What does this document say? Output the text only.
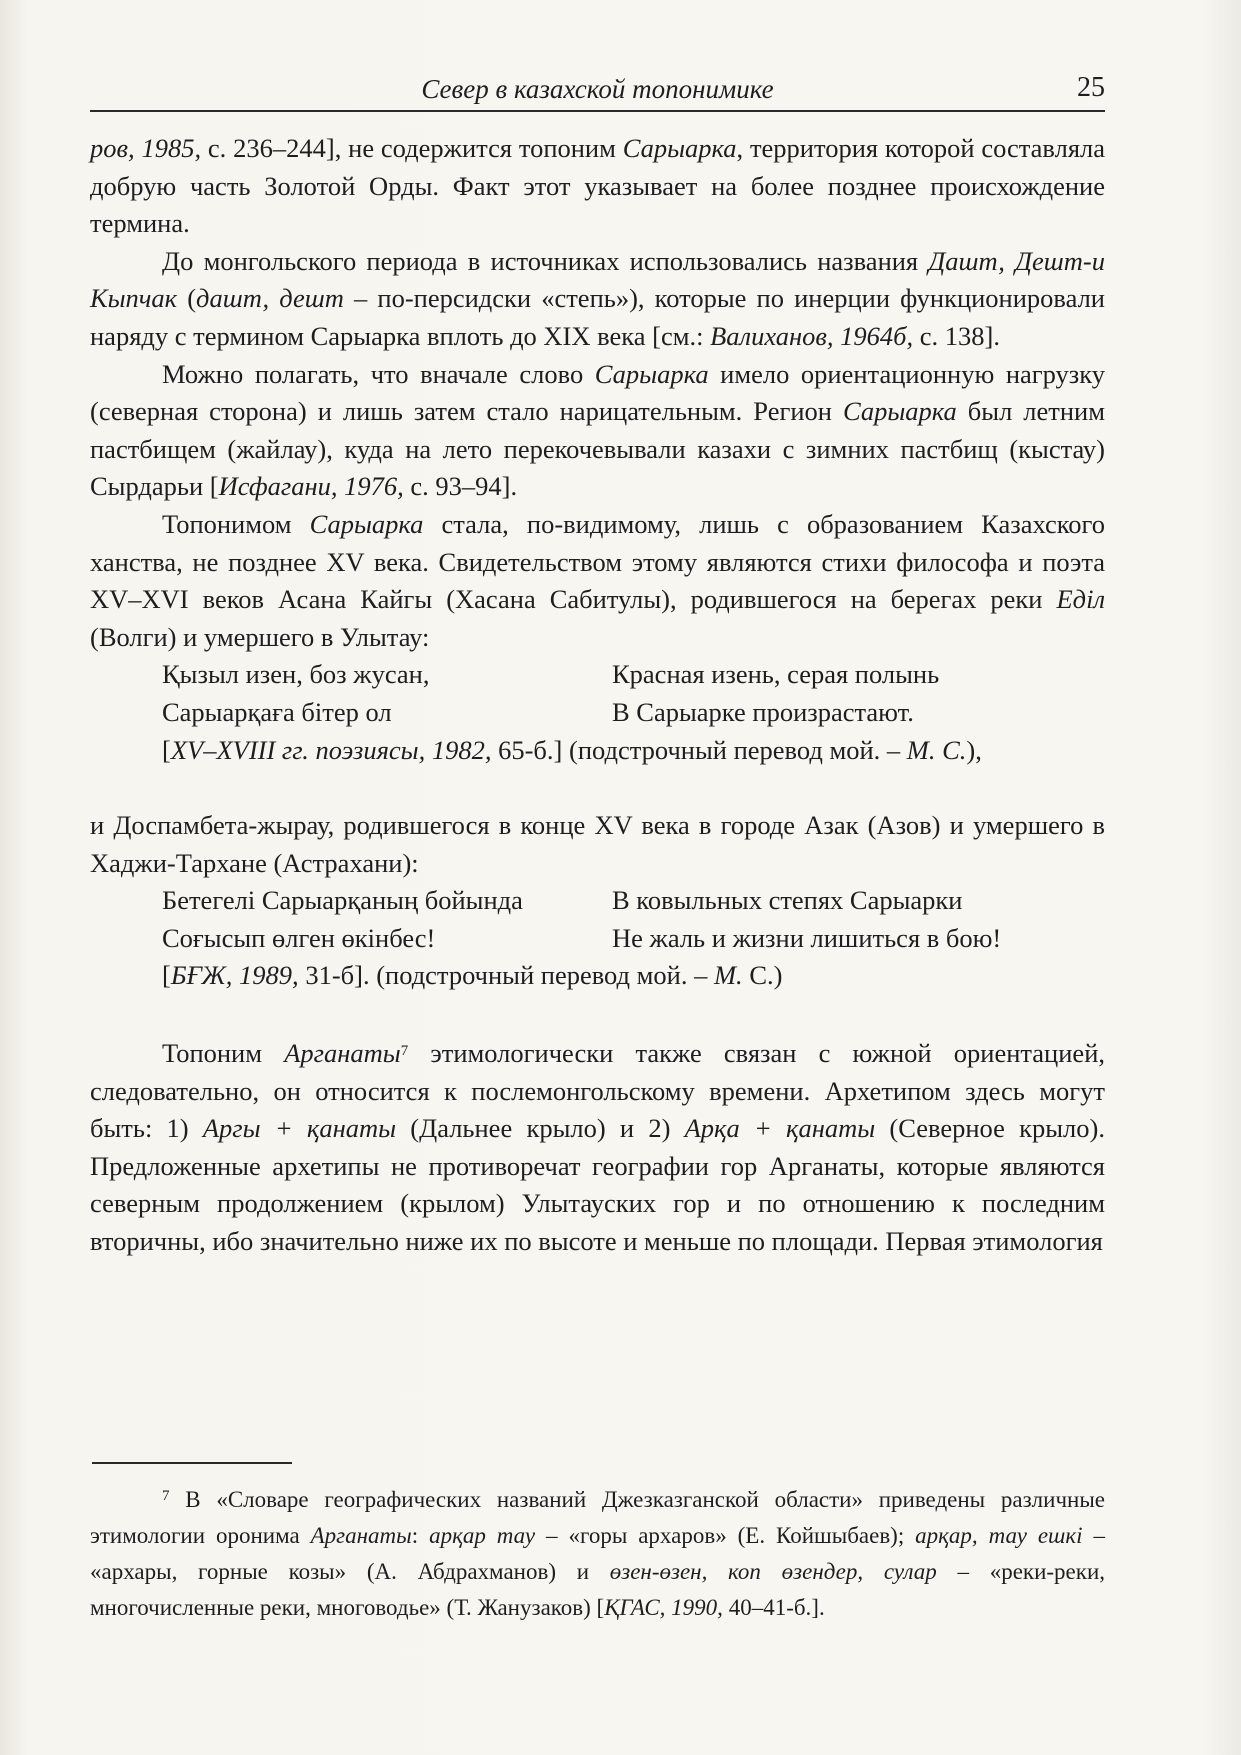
Север в казахской топонимике	25

ров, 1985, с. 236–244], не содержится топоним Сарыарка, территория которой составляла добрую часть Золотой Орды. Факт этот указывает на более позднее происхождение термина.

До монгольского периода в источниках использовались названия Дашт, Дешт-и Кыпчак (дашт, дешт – по-персидски «степь»), которые по инерции функционировали наряду с термином Сарыарка вплоть до XIX века [см.: Валиханов, 1964б, с. 138].

Можно полагать, что вначале слово Сарыарка имело ориентационную нагрузку (северная сторона) и лишь затем стало нарицательным. Регион Сарыарка был летним пастбищем (жайлау), куда на лето перекочевывали казахи с зимних пастбищ (кыстау) Сырдарьи [Исфагани, 1976, с. 93–94].

Топонимом Сарыарка стала, по-видимому, лишь с образованием Казахского ханства, не позднее XV века. Свидетельством этому являются стихи философа и поэта XV–XVI веков Асана Кайгы (Хасана Сабитулы), родившегося на берегах реки Еділ (Волги) и умершего в Улытау:

Қызыл изен, боз жусан,	Красная изень, серая полынь
Сарыарқаға бітер ол	В Сарыарке произрастают.
[XV–XVIII гг. поэзиясы, 1982, 65-б.] (подстрочный перевод мой. – М. С.),

и Доспамбета-жырау, родившегося в конце XV века в городе Азак (Азов) и умершего в Хаджи-Тархане (Астрахани):

Бетегелі Сарыарқаның бойында	В ковыльных степях Сарыарки
Соғысып өлген өкінбес!	Не жаль и жизни лишиться в бою!
[БҒЖ, 1989, 31-б]. (подстрочный перевод мой. – М. С.)

Топоним Арганаты$^7$ этимологически также связан с южной ориентацией, следовательно, он относится к послемонгольскому времени. Архетипом здесь могут быть: 1) Аргы + қанаты (Дальнее крыло) и 2) Арқа + қанаты (Северное крыло). Предложенные архетипы не противоречат географии гор Арганаты, которые являются северным продолжением (крылом) Улытауских гор и по отношению к последним вторичны, ибо значительно ниже их по высоте и меньше по площади. Первая этимология

$^7$ В «Словаре географических названий Джезказганской области» приведены различные этимологии оронима Арганаты: арқар тау – «горы архаров» (Е. Койшыбаев); арқар, тау ешкі – «архары, горные козы» (А. Абдрахманов) и өзен-өзен, коп өзендер, сулар – «реки-реки, многочисленные реки, многоводье» (Т. Жанузаков) [ҚГАС, 1990, 40–41-б.].
